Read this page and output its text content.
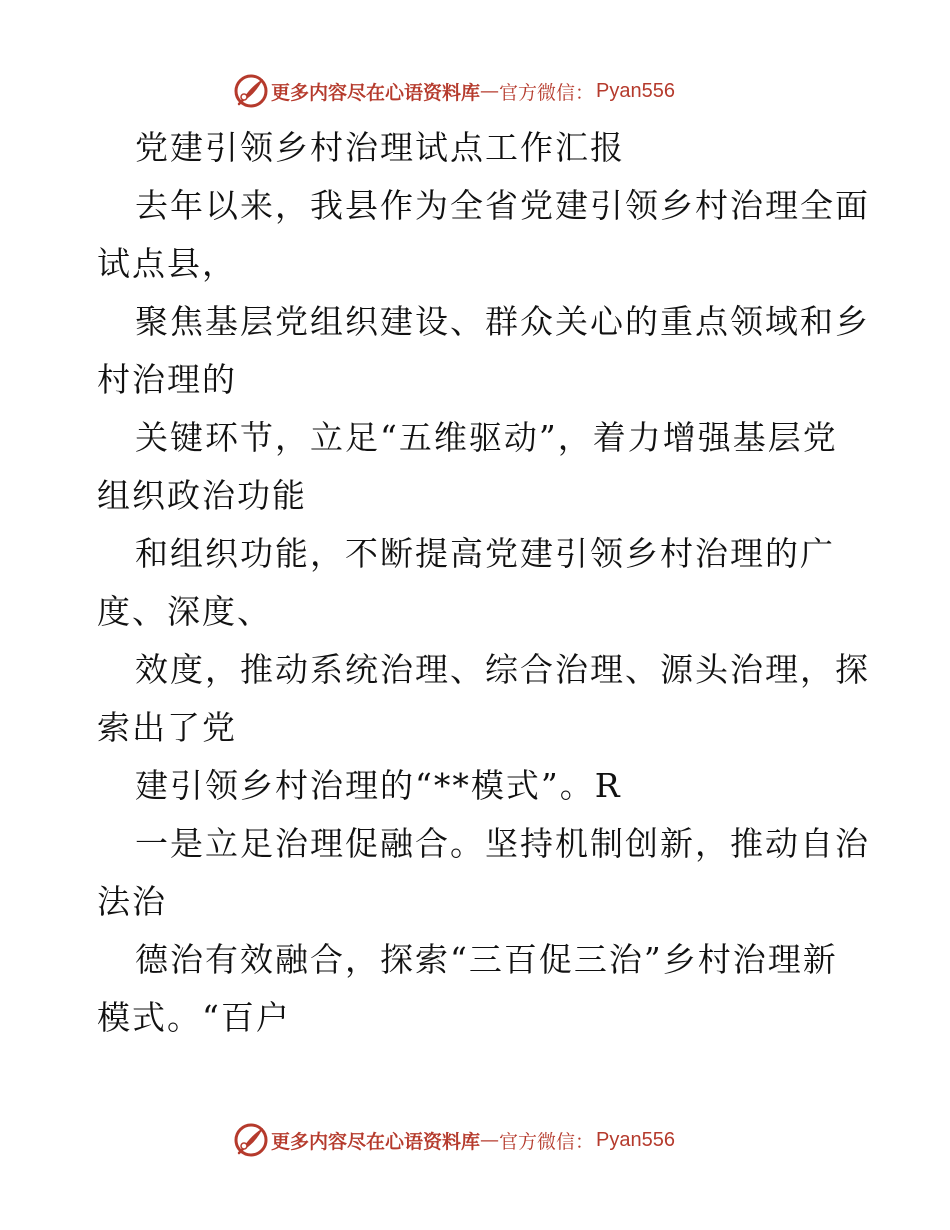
更多内容尽在心语资料库 — 官方微信： Pyan556
党建引领乡村治理试点工作汇报
去年以来，我县作为全省党建引领乡村治理全面
试点县，
聚焦基层党组织建设、群众关心的重点领域和乡
村治理的
关键环节，立足“五维驱动”，着力增强基层党
组织政治功能
和组织功能，不断提高党建引领乡村治理的广
度、深度、
效度，推动系统治理、综合治理、源头治理，探
索出了党
建引领乡村治理的“**模式”。R
一是立足治理促融合。坚持机制创新，推动自治
法治
德治有效融合，探索“三百促三治”乡村治理新
模式。“百户
更多内容尽在心语资料库 — 官方微信： Pyan556
